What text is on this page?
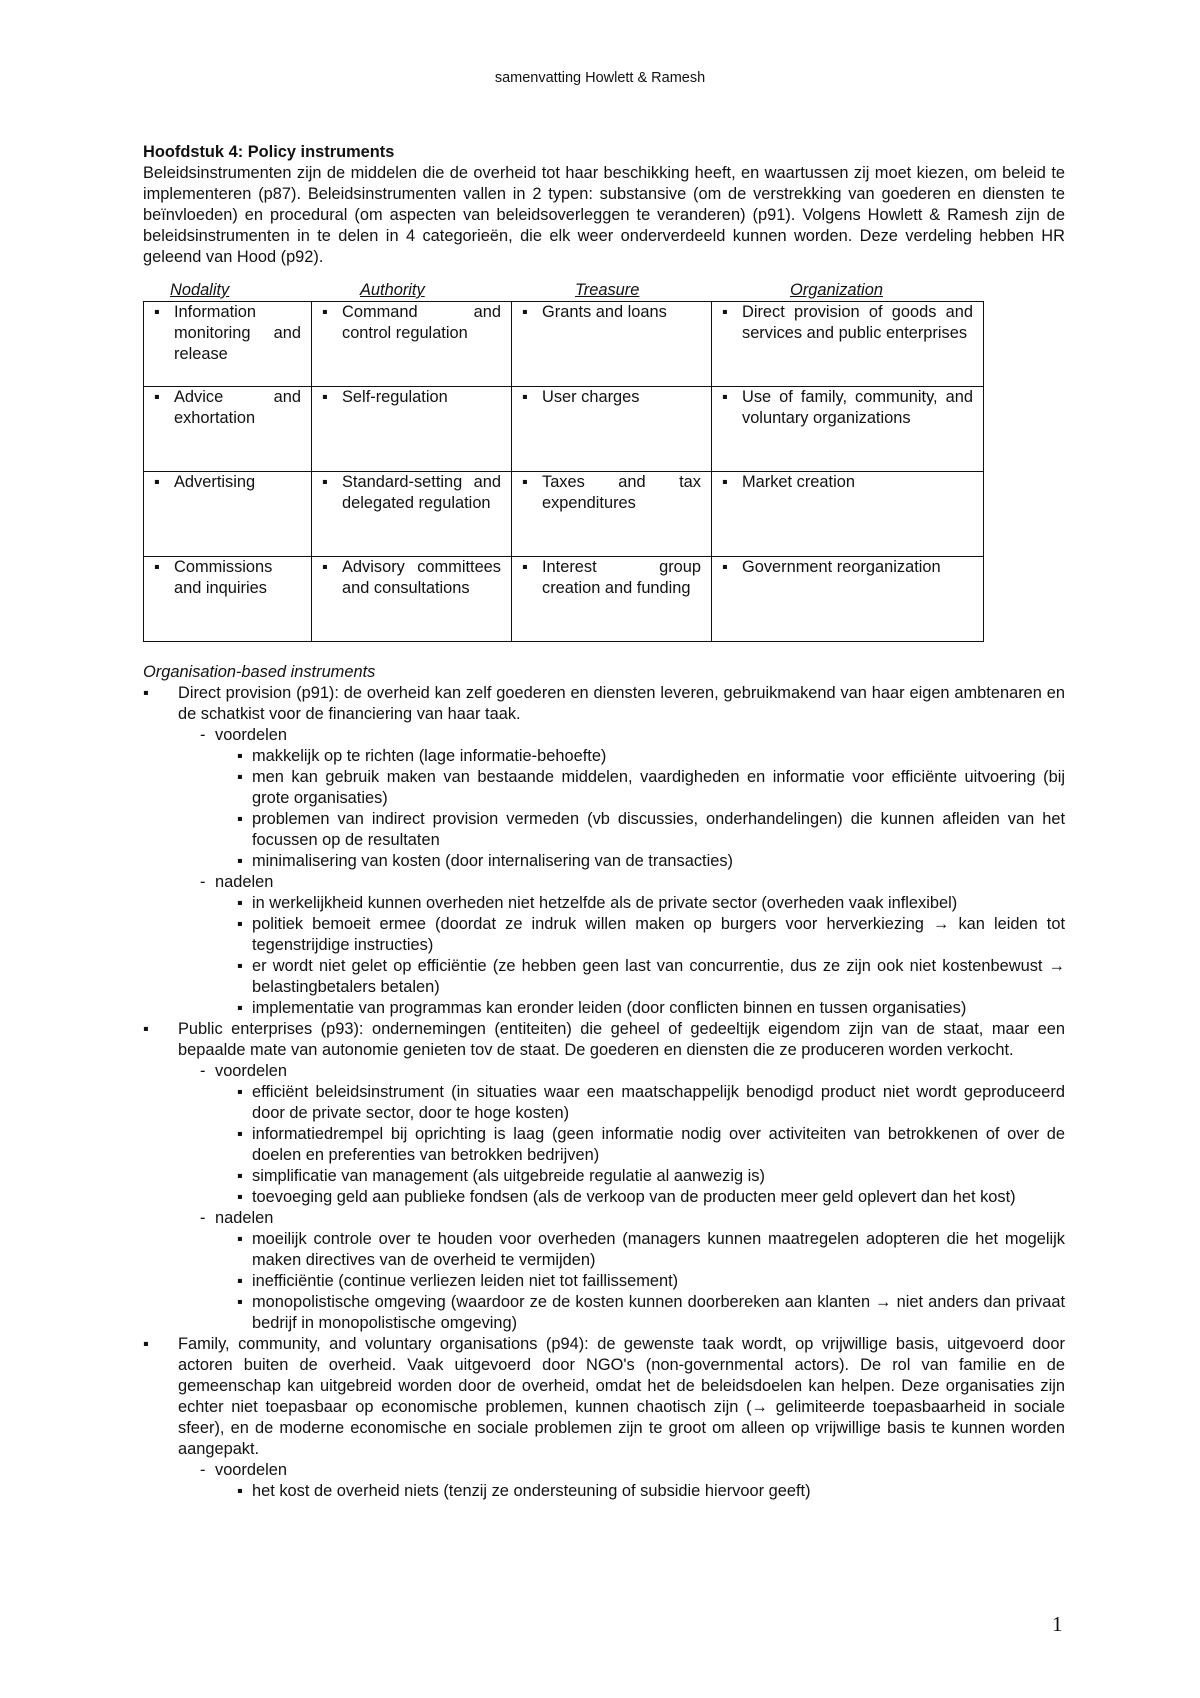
samenvatting Howlett & Ramesh
Hoofdstuk 4: Policy instruments
Beleidsinstrumenten zijn de middelen die de overheid tot haar beschikking heeft, en waartussen zij moet kiezen, om beleid te implementeren (p87). Beleidsinstrumenten vallen in 2 typen: substansive (om de verstrekking van goederen en diensten te beïnvloeden) en procedural (om aspecten van beleidsoverleggen te veranderen) (p91). Volgens Howlett & Ramesh zijn de beleidsinstrumenten in te delen in 4 categorieën, die elk weer onderverdeeld kunnen worden. Deze verdeling hebben HR geleend van Hood (p92).
Nodality	Authority	Treasure	Organization
▪ Information monitoring and release	▪ Command and control regulation	▪ Grants and loans	▪ Direct provision of goods and services and public enterprises

▪ Advice and exhortation	▪ Self-regulation	▪ User charges	▪ Use of family, community, and voluntary organizations

▪ Advertising	▪ Standard-setting and delegated regulation	▪ Taxes and tax expenditures	▪ Market creation

▪ Commissions and inquiries	▪ Advisory committees and consultations	▪ Interest group creation and funding	▪ Government reorganization
Organisation-based instruments
▪ Direct provision (p91): de overheid kan zelf goederen en diensten leveren, gebruikmakend van haar eigen ambtenaren en de schatkist voor de financiering van haar taak.
- voordelen
▪ makkelijk op te richten (lage informatie-behoefte)
▪ men kan gebruik maken van bestaande middelen, vaardigheden en informatie voor efficiënte uitvoering (bij grote organisaties)
▪ problemen van indirect provision vermeden (vb discussies, onderhandelingen) die kunnen afleiden van het focussen op de resultaten
▪ minimalisering van kosten (door internalisering van de transacties)
- nadelen
▪ in werkelijkheid kunnen overheden niet hetzelfde als de private sector (overheden vaak inflexibel)
▪ politiek bemoeit ermee (doordat ze indruk willen maken op burgers voor herverkiezing → kan leiden tot tegenstrijdige instructies)
▪ er wordt niet gelet op efficiëntie (ze hebben geen last van concurrentie, dus ze zijn ook niet kostenbewust → belastingbetalers betalen)
▪ implementatie van programmas kan eronder leiden (door conflicten binnen en tussen organisaties)
▪ Public enterprises (p93): ondernemingen (entiteiten) die geheel of gedeeltijk eigendom zijn van de staat, maar een bepaalde mate van autonomie genieten tov de staat. De goederen en diensten die ze produceren worden verkocht.
- voordelen
▪ efficiënt beleidsinstrument (in situaties waar een maatschappelijk benodigd product niet wordt geproduceerd door de private sector, door te hoge kosten)
▪ informatiedrempel bij oprichting is laag (geen informatie nodig over activiteiten van betrokkenen of over de doelen en preferenties van betrokken bedrijven)
▪ simplificatie van management (als uitgebreide regulatie al aanwezig is)
▪ toevoeging geld aan publieke fondsen (als de verkoop van de producten meer geld oplevert dan het kost)
- nadelen
▪ moeilijk controle over te houden voor overheden (managers kunnen maatregelen adopteren die het mogelijk maken directives van de overheid te vermijden)
▪ inefficiëntie (continue verliezen leiden niet tot faillissement)
▪ monopolistische omgeving (waardoor ze de kosten kunnen doorbereken aan klanten → niet anders dan privaat bedrijf in monopolistische omgeving)
▪ Family, community, and voluntary organisations (p94): de gewenste taak wordt, op vrijwillige basis, uitgevoerd door actoren buiten de overheid. Vaak uitgevoerd door NGO's (non-governmental actors). De rol van familie en de gemeenschap kan uitgebreid worden door de overheid, omdat het de beleidsdoelen kan helpen. Deze organisaties zijn echter niet toepasbaar op economische problemen, kunnen chaotisch zijn (→ gelimiteerde toepasbaarheid in sociale sfeer), en de moderne economische en sociale problemen zijn te groot om alleen op vrijwillige basis te kunnen worden aangepakt.
- voordelen
▪ het kost de overheid niets (tenzij ze ondersteuning of subsidie hiervoor geeft)
1
